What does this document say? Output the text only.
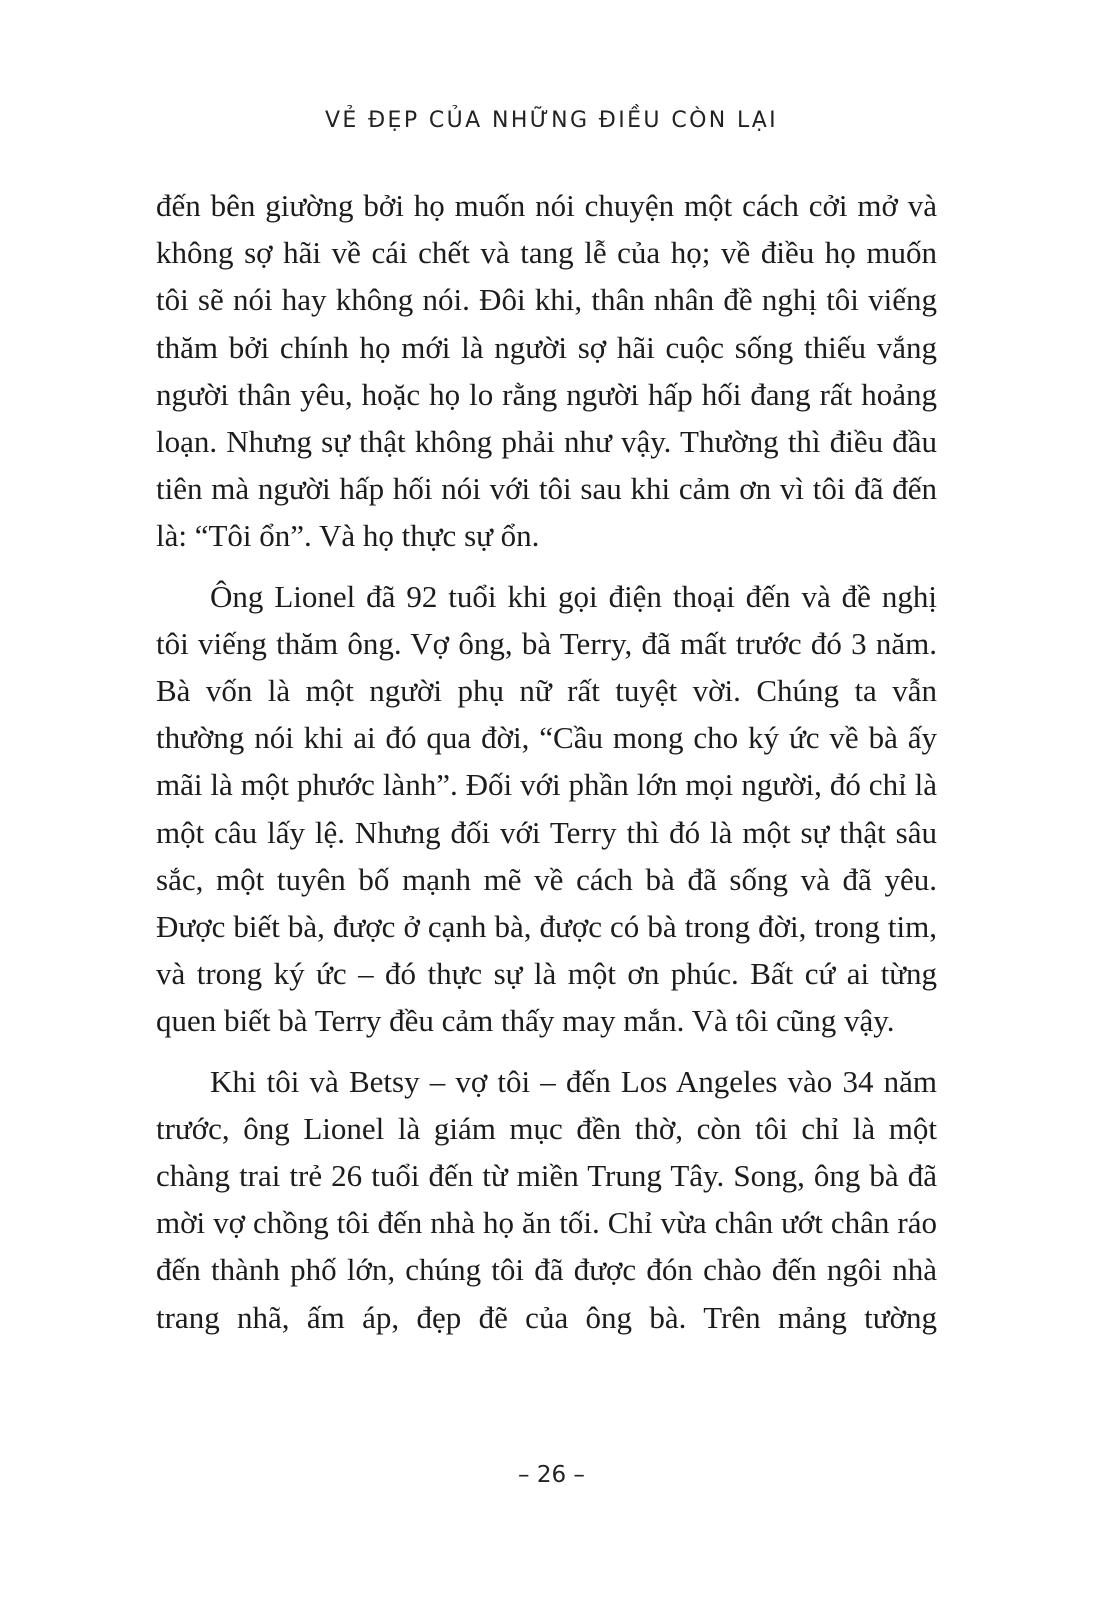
VẺ ĐẸP CỦA NHỮNG ĐIỀU CÒN LẠI

đến bên giường bởi họ muốn nói chuyện một cách cởi mở và không sợ hãi về cái chết và tang lễ của họ; về điều họ muốn tôi sẽ nói hay không nói. Đôi khi, thân nhân đề nghị tôi viếng thăm bởi chính họ mới là người sợ hãi cuộc sống thiếu vắng người thân yêu, hoặc họ lo rằng người hấp hối đang rất hoảng loạn. Nhưng sự thật không phải như vậy. Thường thì điều đầu tiên mà người hấp hối nói với tôi sau khi cảm ơn vì tôi đã đến là: “Tôi ổn”. Và họ thực sự ổn.

Ông Lionel đã 92 tuổi khi gọi điện thoại đến và đề nghị tôi viếng thăm ông. Vợ ông, bà Terry, đã mất trước đó 3 năm. Bà vốn là một người phụ nữ rất tuyệt vời. Chúng ta vẫn thường nói khi ai đó qua đời, “Cầu mong cho ký ức về bà ấy mãi là một phước lành”. Đối với phần lớn mọi người, đó chỉ là một câu lấy lệ. Nhưng đối với Terry thì đó là một sự thật sâu sắc, một tuyên bố mạnh mẽ về cách bà đã sống và đã yêu. Được biết bà, được ở cạnh bà, được có bà trong đời, trong tim, và trong ký ức – đó thực sự là một ơn phúc. Bất cứ ai từng quen biết bà Terry đều cảm thấy may mắn. Và tôi cũng vậy.

Khi tôi và Betsy – vợ tôi – đến Los Angeles vào 34 năm trước, ông Lionel là giám mục đền thờ, còn tôi chỉ là một chàng trai trẻ 26 tuổi đến từ miền Trung Tây. Song, ông bà đã mời vợ chồng tôi đến nhà họ ăn tối. Chỉ vừa chân ướt chân ráo đến thành phố lớn, chúng tôi đã được đón chào đến ngôi nhà trang nhã, ấm áp, đẹp đẽ của ông bà. Trên mảng tường

– 26 –
